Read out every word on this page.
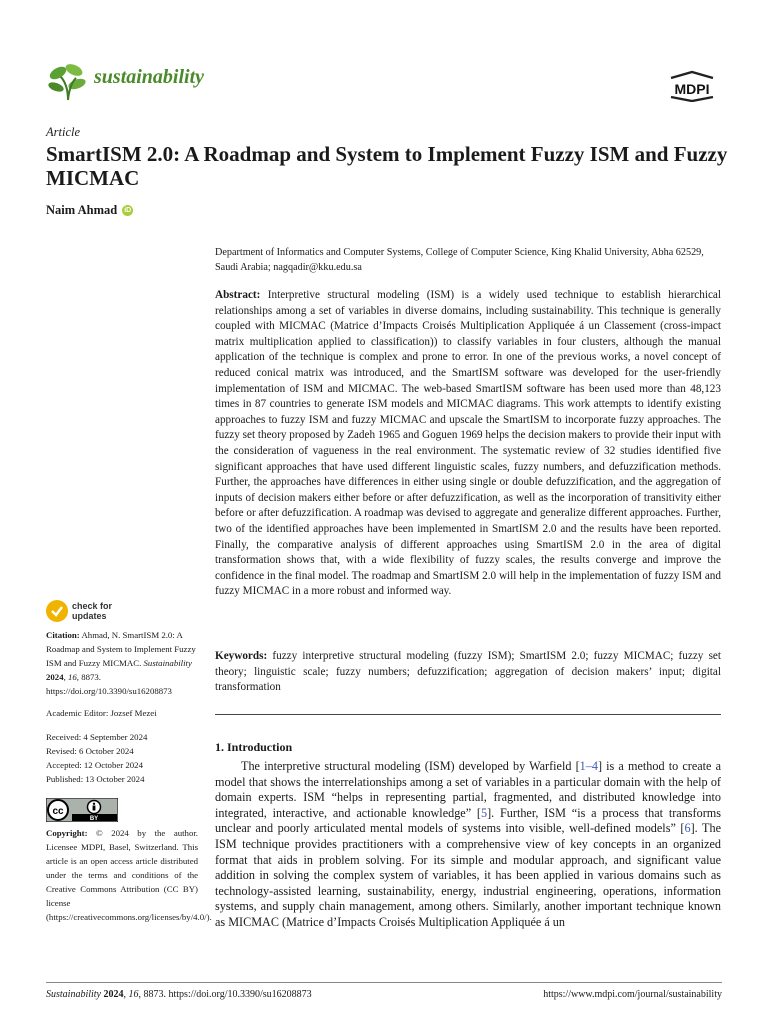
sustainability
MDPI
Article
SmartISM 2.0: A Roadmap and System to Implement Fuzzy ISM and Fuzzy MICMAC
Naim Ahmad iD
Department of Informatics and Computer Systems, College of Computer Science, King Khalid University, Abha 62529, Saudi Arabia; nagqadir@kku.edu.sa
Abstract: Interpretive structural modeling (ISM) is a widely used technique to establish hierarchical relationships among a set of variables in diverse domains, including sustainability. This technique is generally coupled with MICMAC (Matrice d’Impacts Croisés Multiplication Appliquée á un Classement (cross-impact matrix multiplication applied to classification)) to classify variables in four clusters, although the manual application of the technique is complex and prone to error. In one of the previous works, a novel concept of reduced conical matrix was introduced, and the SmartISM software was developed for the user-friendly implementation of ISM and MICMAC. The web-based SmartISM software has been used more than 48,123 times in 87 countries to generate ISM models and MICMAC diagrams. This work attempts to identify existing approaches to fuzzy ISM and fuzzy MICMAC and upscale the SmartISM to incorporate fuzzy approaches. The fuzzy set theory proposed by Zadeh 1965 and Goguen 1969 helps the decision makers to provide their input with the consideration of vagueness in the real environment. The systematic review of 32 studies identified five significant approaches that have used different linguistic scales, fuzzy numbers, and defuzzification methods. Further, the approaches have differences in either using single or double defuzzification, and the aggregation of inputs of decision makers either before or after defuzzification, as well as the incorporation of transitivity either before or after defuzzification. A roadmap was devised to aggregate and generalize different approaches. Further, two of the identified approaches have been implemented in SmartISM 2.0 and the results have been reported. Finally, the comparative analysis of different approaches using SmartISM 2.0 in the area of digital transformation shows that, with a wide flexibility of fuzzy scales, the results converge and improve the confidence in the final model. The roadmap and SmartISM 2.0 will help in the implementation of fuzzy ISM and fuzzy MICMAC in a more robust and informed way.
Keywords: fuzzy interpretive structural modeling (fuzzy ISM); SmartISM 2.0; fuzzy MICMAC; fuzzy set theory; linguistic scale; fuzzy numbers; defuzzification; aggregation of decision makers’ input; digital transformation
1. Introduction
The interpretive structural modeling (ISM) developed by Warfield [1–4] is a method to create a model that shows the interrelationships among a set of variables in a particular domain with the help of domain experts. ISM “helps in representing partial, fragmented, and distributed knowledge into integrated, interactive, and actionable knowledge” [5]. Further, ISM “is a process that transforms unclear and poorly articulated mental models of systems into visible, well-defined models” [6]. The ISM technique provides practitioners with a comprehensive view of key concepts in an organized format that aids in problem solving. For its simple and modular approach, and significant value addition in solving the complex system of variables, it has been applied in various domains such as technology-assisted learning, sustainability, energy, industrial engineering, operations, information systems, and supply chain management, among others. Similarly, another important technique known as MICMAC (Matrice d’Impacts Croisés Multiplication Appliquée á un
check for
updates
Citation: Ahmad, N. SmartISM 2.0: A Roadmap and System to Implement Fuzzy ISM and Fuzzy MICMAC. Sustainability 2024, 16, 8873. https://doi.org/10.3390/su16208873
Academic Editor: Jozsef Mezei
Received: 4 September 2024
Revised: 6 October 2024
Accepted: 12 October 2024
Published: 13 October 2024
cc
BY
Copyright: © 2024 by the author. Licensee MDPI, Basel, Switzerland. This article is an open access article distributed under the terms and conditions of the Creative Commons Attribution (CC BY) license (https://creativecommons.org/licenses/by/4.0/).
Sustainability 2024, 16, 8873. https://doi.org/10.3390/su16208873	https://www.mdpi.com/journal/sustainability
